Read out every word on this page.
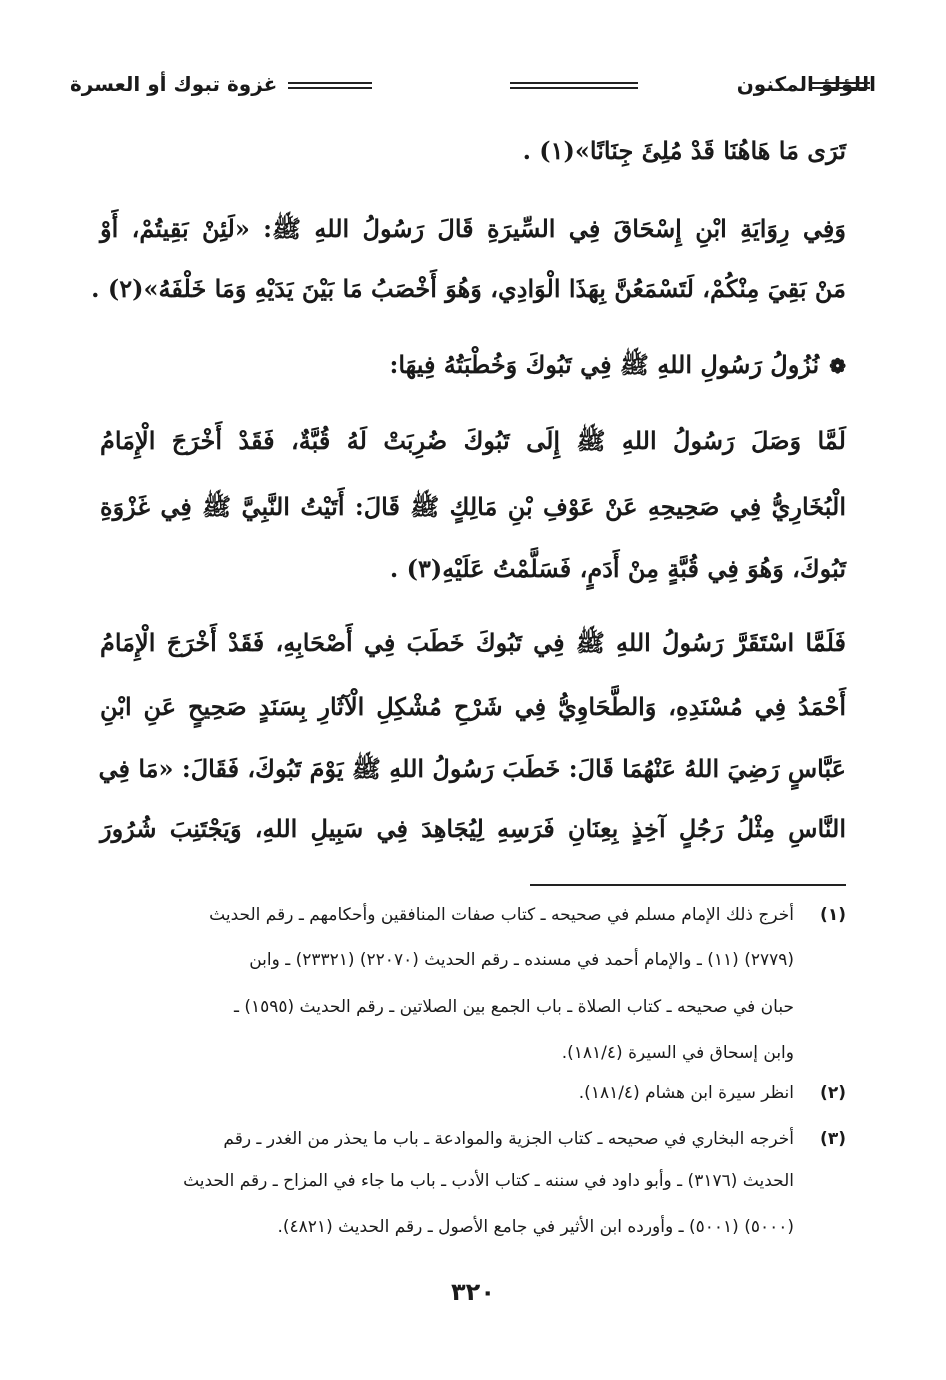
اللؤلؤ المكنون
غزوة تبوك أو العسرة
تَرَى مَا هَاهُنَا قَدْ مُلِئَ جِنَانًا»(١) .
وَفِي رِوَايَةِ ابْنِ إِسْحَاقَ فِي السِّيرَةِ قَالَ رَسُولُ اللهِ ﷺ: «لَئِنْ بَقِيتُمْ، أَوْ
مَنْ بَقِيَ مِنْكُمْ، لَتَسْمَعُنَّ بِهَذَا الْوَادِي، وَهُوَ أَخْصَبُ مَا بَيْنَ يَدَيْهِ وَمَا خَلْفَهُ»(٢) .
❁نُزُولُ رَسُولِ اللهِ ﷺ فِي تَبُوكَ وَخُطْبَتُهُ فِيهَا:
لَمَّا وَصَلَ رَسُولُ اللهِ ﷺ إِلَى تَبُوكَ ضُرِبَتْ لَهُ قُبَّةٌ، فَقَدْ أَخْرَجَ الْإِمَامُ
الْبُخَارِيُّ فِي صَحِيحِهِ عَنْ عَوْفِ بْنِ مَالِكٍ ﷺ قَالَ: أَتَيْتُ النَّبِيَّ ﷺ فِي غَزْوَةِ
تَبُوكَ، وَهُوَ فِي قُبَّةٍ مِنْ أَدَمٍ، فَسَلَّمْتُ عَلَيْهِ(٣) .
فَلَمَّا اسْتَقَرَّ رَسُولُ اللهِ ﷺ فِي تَبُوكَ خَطَبَ فِي أَصْحَابِهِ، فَقَدْ أَخْرَجَ الْإِمَامُ
أَحْمَدُ فِي مُسْنَدِهِ، وَالطَّحَاوِيُّ فِي شَرْحِ مُشْكِلِ الْآثَارِ بِسَنَدٍ صَحِيحٍ عَنِ ابْنِ
عَبَّاسٍ رَضِيَ اللهُ عَنْهُمَا قَالَ: خَطَبَ رَسُولُ اللهِ ﷺ يَوْمَ تَبُوكَ، فَقَالَ: «مَا فِي
النَّاسِ مِثْلُ رَجُلٍ آخِذٍ بِعِنَانِ فَرَسِهِ لِيُجَاهِدَ فِي سَبِيلِ اللهِ، وَيَجْتَنِبَ شُرُورَ
(١)
أخرج ذلك الإمام مسلم في صحيحه ـ كتاب صفات المنافقين وأحكامهم ـ رقم الحديث
(٢٧٧٩) (١١) ـ والإمام أحمد في مسنده ـ رقم الحديث (٢٢٠٧٠) (٢٣٣٢١) ـ وابن
حبان في صحيحه ـ كتاب الصلاة ـ باب الجمع بين الصلاتين ـ رقم الحديث (١٥٩٥) ـ
وابن إسحاق في السيرة (١٨١/٤).
(٢)
انظر سيرة ابن هشام (١٨١/٤).
(٣)
أخرجه البخاري في صحيحه ـ كتاب الجزية والموادعة ـ باب ما يحذر من الغدر ـ رقم
الحديث (٣١٧٦) ـ وأبو داود في سننه ـ كتاب الأدب ـ باب ما جاء في المزاح ـ رقم الحديث
(٥٠٠٠) (٥٠٠١) ـ وأورده ابن الأثير في جامع الأصول ـ رقم الحديث (٤٨٢١).
٣٢٠
